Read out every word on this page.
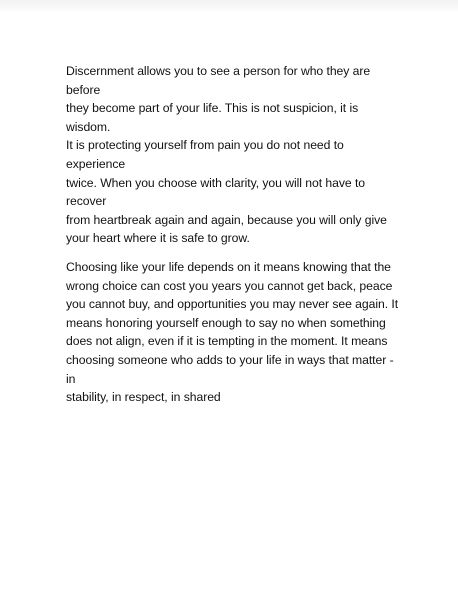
Discernment allows you to see a person for who they are before
they become part of your life. This is not suspicion, it is wisdom.
It is protecting yourself from pain you do not need to experience
twice. When you choose with clarity, you will not have to recover
from heartbreak again and again, because you will only give
your heart where it is safe to grow.

Choosing like your life depends on it means knowing that the
wrong choice can cost you years you cannot get back, peace
you cannot buy, and opportunities you may never see again. It
means honoring yourself enough to say no when something
does not align, even if it is tempting in the moment. It means
choosing someone who adds to your life in ways that matter - in
stability, in respect, in shared
